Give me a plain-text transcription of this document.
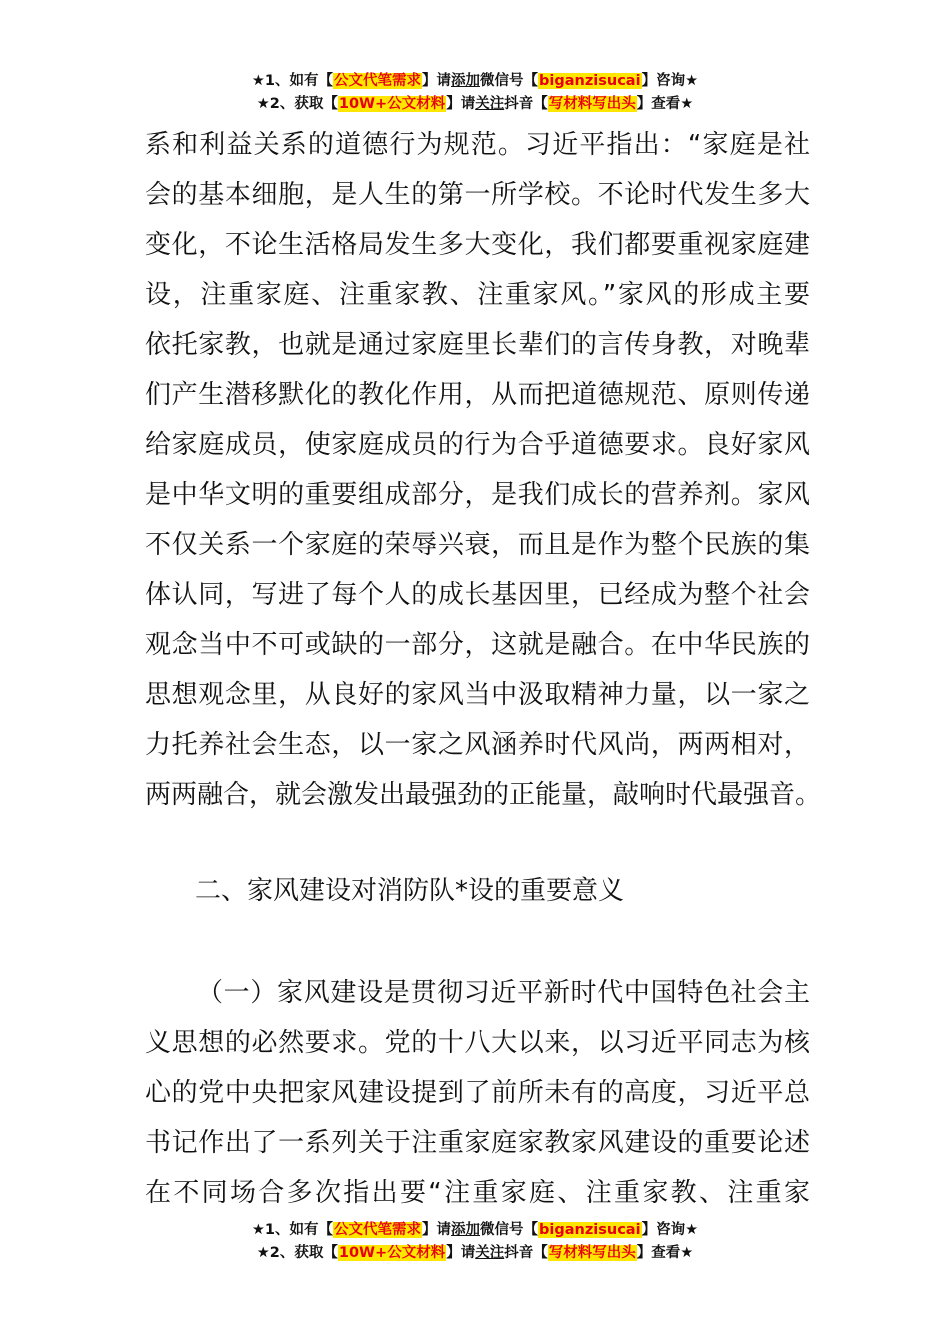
★1、如有【公文代笔需求】请添加微信号【biganzisucai】咨询★
★2、获取【10W+公文材料】请关注抖音【写材料写出头】查看★
系和利益关系的道德行为规范。习近平指出：“家庭是社
会的基本细胞，是人生的第一所学校。不论时代发生多大
变化，不论生活格局发生多大变化，我们都要重视家庭建
设，注重家庭、注重家教、注重家风。”家风的形成主要
依托家教，也就是通过家庭里长辈们的言传身教，对晚辈
们产生潜移默化的教化作用，从而把道德规范、原则传递
给家庭成员，使家庭成员的行为合乎道德要求。良好家风
是中华文明的重要组成部分，是我们成长的营养剂。家风
不仅关系一个家庭的荣辱兴衰，而且是作为整个民族的集
体认同，写进了每个人的成长基因里，已经成为整个社会
观念当中不可或缺的一部分，这就是融合。在中华民族的
思想观念里，从良好的家风当中汲取精神力量，以一家之
力托养社会生态，以一家之风涵养时代风尚，两两相对，
两两融合，就会激发出最强劲的正能量，敲响时代最强音。
二、家风建设对消防队*设的重要意义
（一）家风建设是贯彻习近平新时代中国特色社会主
义思想的必然要求。党的十八大以来，以习近平同志为核
心的党中央把家风建设提到了前所未有的高度，习近平总
书记作出了一系列关于注重家庭家教家风建设的重要论述
在不同场合多次指出要“注重家庭、注重家教、注重家
★1、如有【公文代笔需求】请添加微信号【biganzisucai】咨询★
★2、获取【10W+公文材料】请关注抖音【写材料写出头】查看★
